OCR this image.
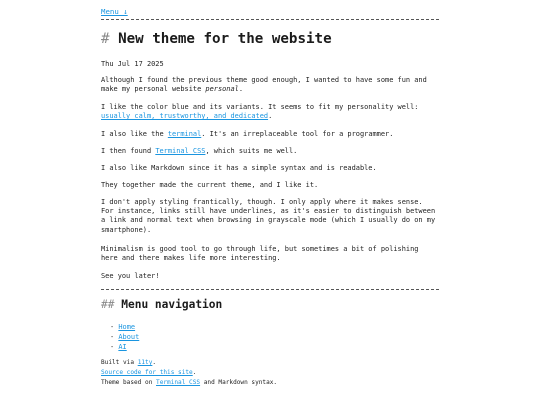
Menu ↓
# New theme for the website

Thu Jul 17 2025

Although I found the previous theme good enough, I wanted to have some fun and make my personal website personal.

I like the color blue and its variants. It seems to fit my personality well: usually calm, trustworthy, and dedicated.

I also like the terminal. It's an irreplaceable tool for a programmer.

I then found Terminal CSS, which suits me well.

I also like Markdown since it has a simple syntax and is readable.

They together made the current theme, and I like it.

I don't apply styling frantically, though. I only apply where it makes sense. For instance, links still have underlines, as it's easier to distinguish between a link and normal text when browsing in grayscale mode (which I usually do on my smartphone).

Minimalism is good tool to go through life, but sometimes a bit of polishing here and there makes life more interesting.

See you later!

## Menu navigation
- Home
- About
- AI

Built via 11ty.

Source code for this site.

Theme based on Terminal CSS and Markdown syntax.
